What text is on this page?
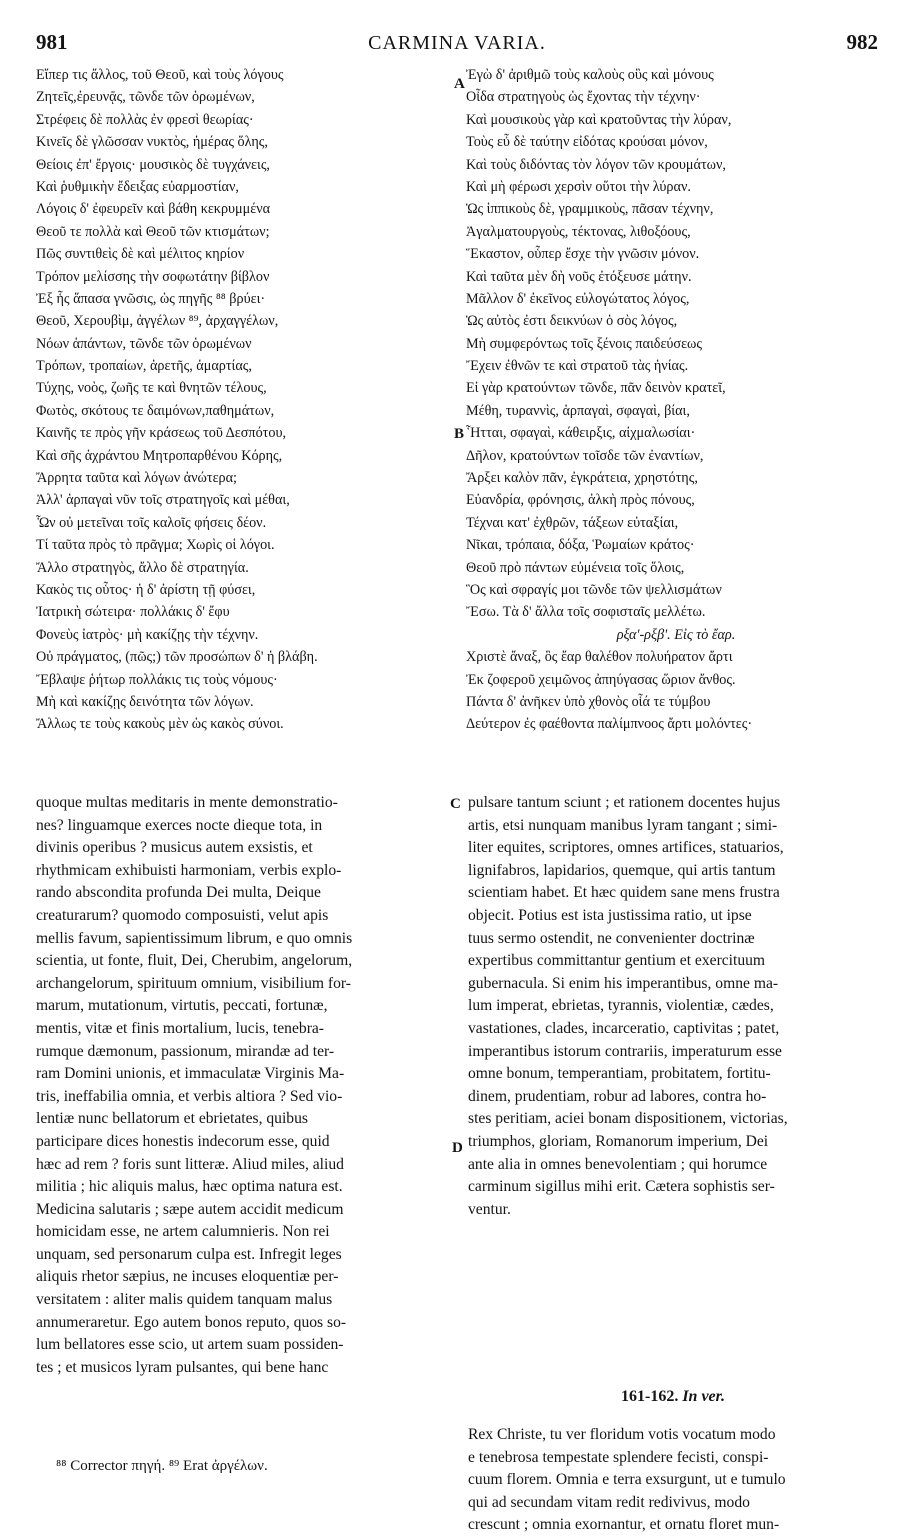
981	CARMINA VARIA.	982
Εἴπερ τις ἄλλος, τοῦ Θεοῦ, καὶ τοὺς λόγους
Ζητεῖς,ἐρευνᾷς, τῶνδε τῶν ὁρωμένων,
Στρέφεις δὲ πολλὰς ἐν φρεσὶ θεωρίας·
Κινεῖς δὲ γλῶσσαν νυκτὸς, ἡμέρας ὅλης,
Θείοις ἐπ' ἔργοις· μουσικὸς δὲ τυγχάνεις,
Καὶ ῥυθμικὴν ἔδειξας εὐαρμοστίαν,
Λόγοις δ' ἐφευρεῖν καὶ βάθη κεκρυμμένα
Θεοῦ τε πολλὰ καὶ Θεοῦ τῶν κτισμάτων;
Πῶς συντιθεὶς δὲ καὶ μέλιτος κηρίον
Τρόπον μελίσσης τὴν σοφωτάτην βίβλον
Ἐξ ἧς ἅπασα γνῶσις, ὡς πηγῆς ⁸⁸ βρύει·
Θεοῦ, Χερουβὶμ, ἀγγέλων ⁸⁹, ἀρχαγγέλων,
Νόων ἁπάντων, τῶνδε τῶν ὁρωμένων
Τρόπων, τροπαίων, ἀρετῆς, ἁμαρτίας,
Τύχης, νοὸς, ζωῆς τε καὶ θνητῶν τέλους,
Φωτὸς, σκότους τε δαιμόνων,παθημάτων,
Καινῆς τε πρὸς γῆν κράσεως τοῦ Δεσπότου,
Καὶ σῆς ἀχράντου Μητροπαρθένου Κόρης,
Ἄρρητα ταῦτα καὶ λόγων ἀνώτερα;
Ἀλλ' ἁρπαγαὶ νῦν τοῖς στρατηγοῖς καὶ μέθαι,
Ὧν οὐ μετεῖναι τοῖς καλοῖς φήσεις δέον.
Τί ταῦτα πρὸς τὸ πρᾶγμα; Χωρὶς οἱ λόγοι.
Ἄλλο στρατηγὸς, ἄλλο δὲ στρατηγία.
Κακὸς τις οὗτος· ἡ δ' ἀρίστη τῇ φύσει,
Ἰατρικὴ σώτειρα· πολλάκις δ' ἔφυ
Φονεὺς ἰατρὸς· μὴ κακίζῃς τὴν τέχνην.
Οὐ πράγματος, (πῶς;) τῶν προσώπων δ' ἡ βλάβη.
Ἔβλαψε ῥήτωρ πολλάκις τις τοὺς νόμους·
Μὴ καὶ κακίζῃς δεινότητα τῶν λόγων.
Ἄλλως τε τοὺς κακοὺς μὲν ὡς κακὸς σύνοι.
Ἐγὼ δ' ἀριθμῶ τοὺς καλοὺς οὓς καὶ μόνους
Οἶδα στρατηγοὺς ὡς ἔχοντας τὴν τέχνην·
Καὶ μουσικοὺς γὰρ καὶ κρατοῦντας τὴν λύραν,
Τοὺς εὖ δὲ ταύτην εἰδότας κρούσαι μόνον,
Καὶ τοὺς διδόντας τὸν λόγον τῶν κρουμάτων,
Καὶ μὴ φέρωσι χερσὶν οὕτοι τὴν λύραν.
Ὡς ἱππικοὺς δὲ, γραμμικοὺς, πᾶσαν τέχνην,
Ἀγαλματουργοὺς, τέκτονας, λιθοξόους,
Ἕκαστον, οὗπερ ἔσχε τὴν γνῶσιν μόνον.
Καὶ ταῦτα μὲν δὴ νοῦς ἐτόξευσε μάτην.
Μᾶλλον δ' ἐκεῖνος εὐλογώτατος λόγος,
Ὡς αὐτὸς ἐστι δεικνύων ὁ σὸς λόγος,
Μὴ συμφερόντως τοῖς ξένοις παιδεύσεως
Ἔχειν ἐθνῶν τε καὶ στρατοῦ τὰς ἡνίας.
Εἰ γὰρ κρατούντων τῶνδε, πᾶν δεινὸν κρατεῖ,
Μέθη, τυραννὶς, ἁρπαγαὶ, σφαγαὶ, βίαι,
Ἧτται, σφαγαὶ, κάθειρξις, αἰχμαλωσίαι·
Δῆλον, κρατούντων τοῖσδε τῶν ἐναντίων,
Ἄρξει καλὸν πᾶν, ἐγκράτεια, χρηστότης,
Εὐανδρία, φρόνησις, ἀλκὴ πρὸς πόνους,
Τέχναι κατ' ἐχθρῶν, τάξεων εὐταξίαι,
Νῖκαι, τρόπαια, δόξα, Ῥωμαίων κράτος·
Θεοῦ πρὸ πάντων εὐμένεια τοῖς ὅλοις,
Ὃς καὶ σφραγίς μοι τῶνδε τῶν ψελλισμάτων
Ἔσω. Τὰ δ' ἄλλα τοῖς σοφισταῖς μελλέτω.
ρξα'-ρξβ'. Εἰς τὸ ἔαρ.
Χριστὲ ἄναξ, ὃς ἔαρ θαλέθον πολυήρατον ἄρτι
Ἐκ ζοφεροῦ χειμῶνος ἀπηύγασας ὥριον ἄνθος.
Πάντα δ' ἀνῆκεν ὑπὸ χθονὸς οἷά τε τύμβου
Δεύτερον ἐς φαέθοντα παλίμπνοος ἄρτι μολόντες·
A
B
C
D
quoque multas meditaris in mente demonstratio-
nes? linguamque exerces nocte dieque tota, in
divinis operibus ? musicus autem exsistis, et
rhythmicam exhibuisti harmoniam, verbis explo-
rando abscondita profunda Dei multa, Deique
creaturarum? quomodo composuisti, velut apis
mellis favum, sapientissimum librum, e quo omnis
scientia, ut fonte, fluit, Dei, Cherubim, angelorum,
archangelorum, spirituum omnium, visibilium for-
marum, mutationum, virtutis, peccati, fortunæ,
mentis, vitæ et finis mortalium, lucis, tenebra-
rumque dæmonum, passionum, mirandæ ad ter-
ram Domini unionis, et immaculatæ Virginis Ma-
tris, ineffabilia omnia, et verbis altiora ? Sed vio-
lentiæ nunc bellatorum et ebrietates, quibus
participare dices honestis indecorum esse, quid
hæc ad rem ? foris sunt litteræ. Aliud miles, aliud
militia ; hic aliquis malus, hæc optima natura est.
Medicina salutaris ; sæpe autem accidit medicum
homicidam esse, ne artem calumnieris. Non rei
unquam, sed personarum culpa est. Infregit leges
aliquis rhetor sæpius, ne incuses eloquentiæ per-
versitatem : aliter malis quidem tanquam malus
annumeraretur. Ego autem bonos reputo, quos so-
lum bellatores esse scio, ut artem suam possiden-
tes ; et musicos lyram pulsantes, qui bene hanc
pulsare tantum sciunt ; et rationem docentes hujus
artis, etsi nunquam manibus lyram tangant ; simi-
liter equites, scriptores, omnes artifices, statuarios,
lignifabros, lapidarios, quemque, qui artis tantum
scientiam habet. Et hæc quidem sane mens frustra
objecit. Potius est ista justissima ratio, ut ipse
tuus sermo ostendit, ne convenienter doctrinæ
expertibus committantur gentium et exercituum
gubernacula. Si enim his imperantibus, omne ma-
lum imperat, ebrietas, tyrannis, violentiæ, cædes,
vastationes, clades, incarceratio, captivitas ; patet,
imperantibus istorum contrariis, imperaturum esse
omne bonum, temperantiam, probitatem, fortitu-
dinem, prudentiam, robur ad labores, contra ho-
stes peritiam, aciei bonam dispositionem, victorias,
triumphos, gloriam, Romanorum imperium, Dei
ante alia in omnes benevolentiam ; qui horumce
carminum sigillus mihi erit. Cætera sophistis ser-
ventur.
161-162. In ver.
Rex Christe, tu ver floridum votis vocatum modo
e tenebrosa tempestate splendere fecisti, conspi-
cuum florem. Omnia e terra exsurgunt, ut e tumulo
qui ad secundam vitam redit redivivus, modo
crescunt ; omnia exornantur, et ornatu floret mun-
⁸⁸ Corrector πηγή. ⁸⁹ Erat ἀργέλων.
